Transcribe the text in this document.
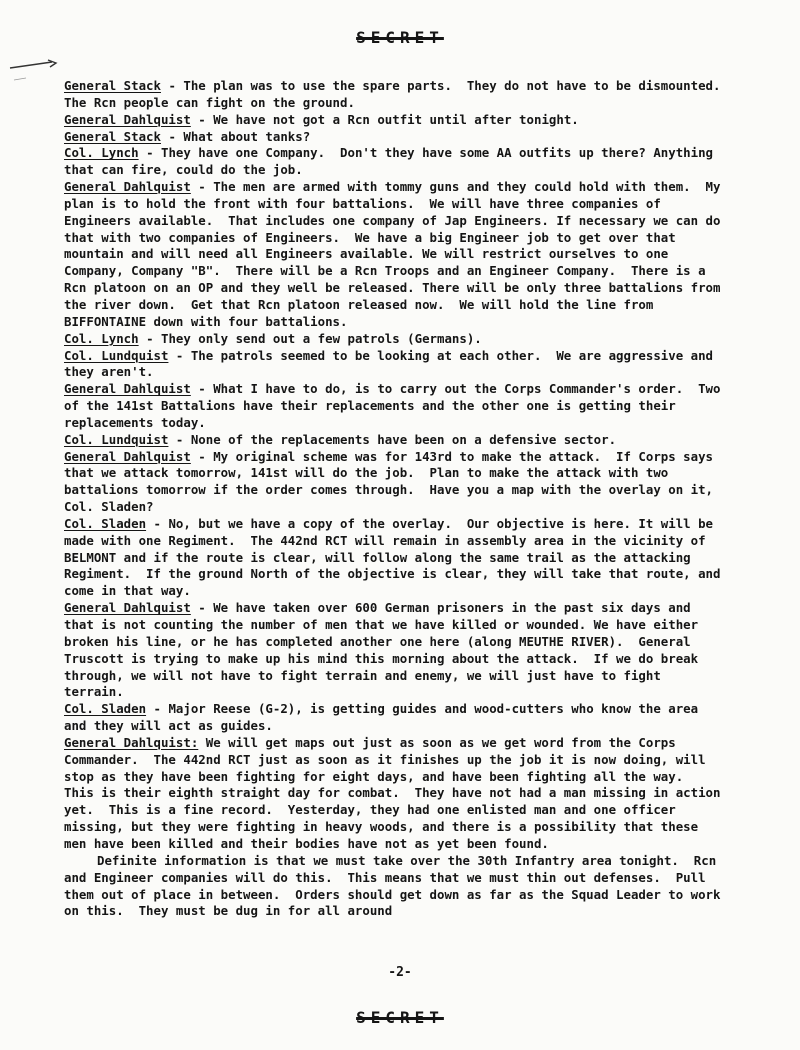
SECRET
General Stack - The plan was to use the spare parts.  They do not have to be dismounted.  The Rcn people can fight on the ground.
General Dahlquist - We have not got a Rcn outfit until after tonight.
General Stack - What about tanks?
Col. Lynch - They have one Company.  Don't they have some AA outfits up there? Anything that can fire, could do the job.
General Dahlquist - The men are armed with tommy guns and they could hold with them.  My plan is to hold the front with four battalions.  We will have three companies of Engineers available.  That includes one company of Jap Engineers. If necessary we can do that with two companies of Engineers.  We have a big Engineer job to get over that mountain and will need all Engineers available. We will restrict ourselves to one Company, Company "B".  There will be a Rcn Troops and an Engineer Company.  There is a Rcn platoon on an OP and they well be released. There will be only three battalions from the river down.  Get that Rcn platoon released now.  We will hold the line from BIFFONTAINE down with four battalions.
Col. Lynch - They only send out a few patrols (Germans).
Col. Lundquist - The patrols seemed to be looking at each other.  We are aggressive and they aren't.
General Dahlquist - What I have to do, is to carry out the Corps Commander's order.  Two of the 141st Battalions have their replacements and the other one is getting their replacements today.
Col. Lundquist - None of the replacements have been on a defensive sector.
General Dahlquist - My original scheme was for 143rd to make the attack.  If Corps says that we attack tomorrow, 141st will do the job.  Plan to make the attack with two battalions tomorrow if the order comes through.  Have you a map with the overlay on it, Col. Sladen?
Col. Sladen - No, but we have a copy of the overlay.  Our objective is here. It will be made with one Regiment.  The 442nd RCT will remain in assembly area in the vicinity of BELMONT and if the route is clear, will follow along the same trail as the attacking Regiment.  If the ground North of the objective is clear, they will take that route, and come in that way.
General Dahlquist - We have taken over 600 German prisoners in the past six days and that is not counting the number of men that we have killed or wounded. We have either broken his line, or he has completed another one here (along MEUTHE RIVER).  General Truscott is trying to make up his mind this morning about the attack.  If we do break through, we will not have to fight terrain and enemy, we will just have to fight terrain.
Col. Sladen - Major Reese (G-2), is getting guides and wood-cutters who know the area and they will act as guides.
General Dahlquist: We will get maps out just as soon as we get word from the Corps Commander.  The 442nd RCT just as soon as it finishes up the job it is now doing, will stop as they have been fighting for eight days, and have been fighting all the way.  This is their eighth straight day for combat.  They have not had a man missing in action yet.  This is a fine record.  Yesterday, they had one enlisted man and one officer missing, but they were fighting in heavy woods, and there is a possibility that these men have been killed and their bodies have not as yet been found.
Definite information is that we must take over the 30th Infantry area tonight.  Rcn and Engineer companies will do this.  This means that we must thin out defenses.  Pull them out of place in between.  Orders should get down as far as the Squad Leader to work on this.  They must be dug in for all around
-2-
SECRET
